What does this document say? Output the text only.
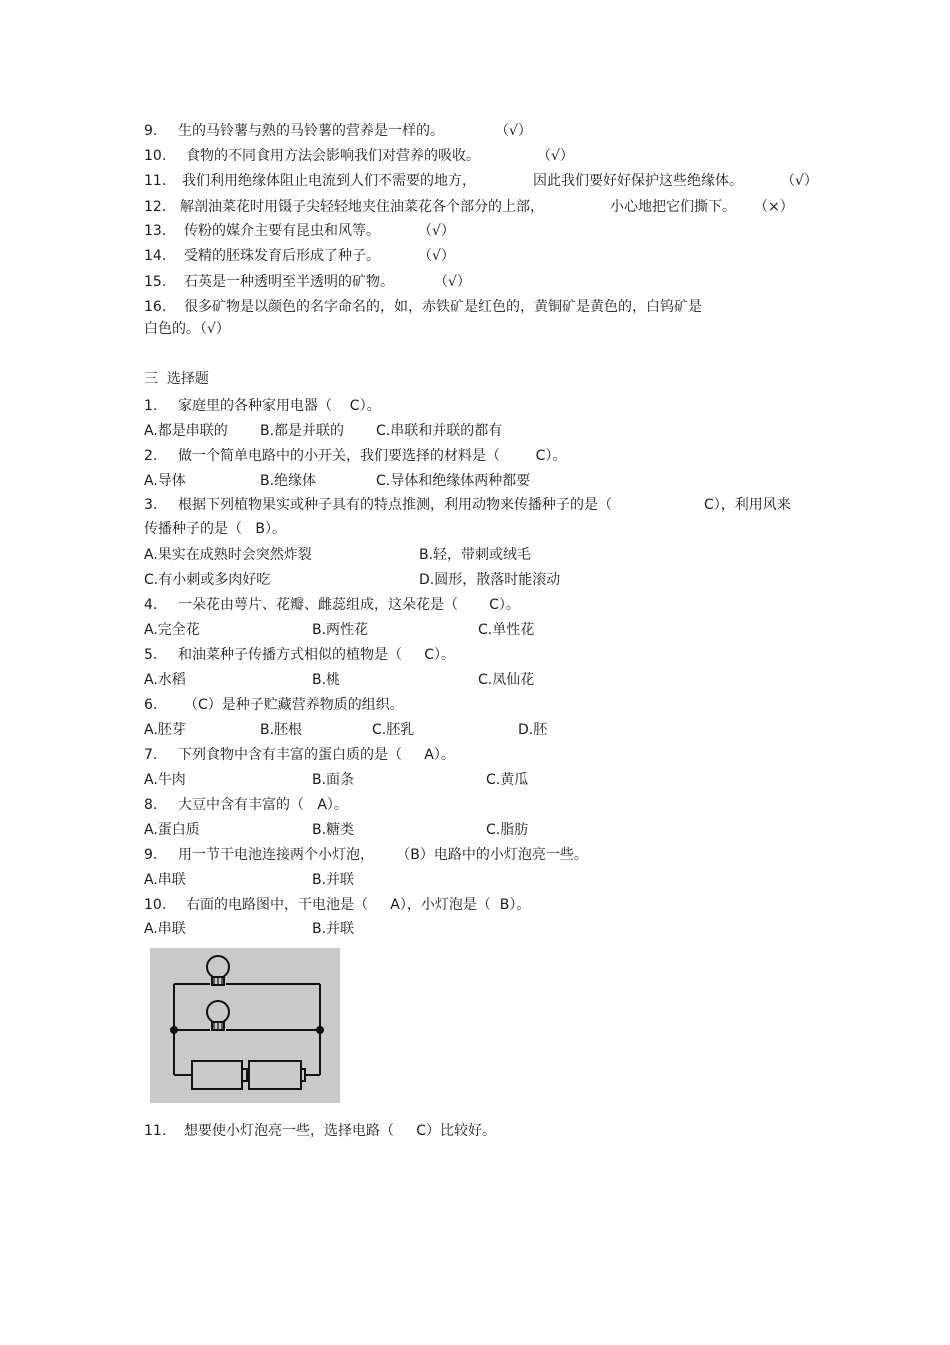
9. 生的马铃薯与熟的马铃薯的营养是一样的。	（√）
10. 食物的不同食用方法会影响我们对营养的吸收。	（√）
11. 我们利用绝缘体阻止电流到人们不需要的地方，	因此我们要好好保护这些绝缘体。	（√）
12. 解剖油菜花时用镊子尖轻轻地夹住油菜花各个部分的上部，	小心地把它们撕下。 （×）
13. 传粉的媒介主要有昆虫和风等。	（√）
14. 受精的胚珠发育后形成了种子。	（√）
15. 石英是一种透明至半透明的矿物。	（√）
16. 很多矿物是以颜色的名字命名的，如，赤铁矿是红色的，黄铜矿是黄色的，白钨矿是
白色的。（√）
三  选择题
1. 家庭里的各种家用电器（    C）。
A.都是串联的 B.都是并联的 C.串联和并联的都有
2. 做一个简单电路中的小开关，我们要选择的材料是（        C）。
A.导体	B.绝缘体	C.导体和绝缘体两种都要
3. 根据下列植物果实或种子具有的特点推测，利用动物来传播种子的是（	C），利用风来
传播种子的是（   B）。
A.果实在成熟时会突然炸裂	B.轻，带刺或绒毛
C.有小刺或多肉好吃	D.圆形，散落时能滚动
4. 一朵花由萼片、花瓣、雌蕊组成，这朵花是（       C）。
A.完全花	B.两性花	C.单性花
5. 和油菜种子传播方式相似的植物是（     C）。
A.水稻	B.桃	C.凤仙花
6. （C）是种子贮藏营养物质的组织。
A.胚芽	B.胚根	C.胚乳	D.胚
7. 下列食物中含有丰富的蛋白质的是（     A）。
A.牛肉	B.面条	C.黄瓜
8. 大豆中含有丰富的（   A）。
A.蛋白质	B.糖类	C.脂肪
9. 用一节干电池连接两个小灯泡，     （B）电路中的小灯泡亮一些。
A.串联	B.并联
10. 右面的电路图中，干电池是（     A），小灯泡是（  B）。
A.串联	B.并联
11. 想要使小灯泡亮一些，选择电路（     C）比较好。
